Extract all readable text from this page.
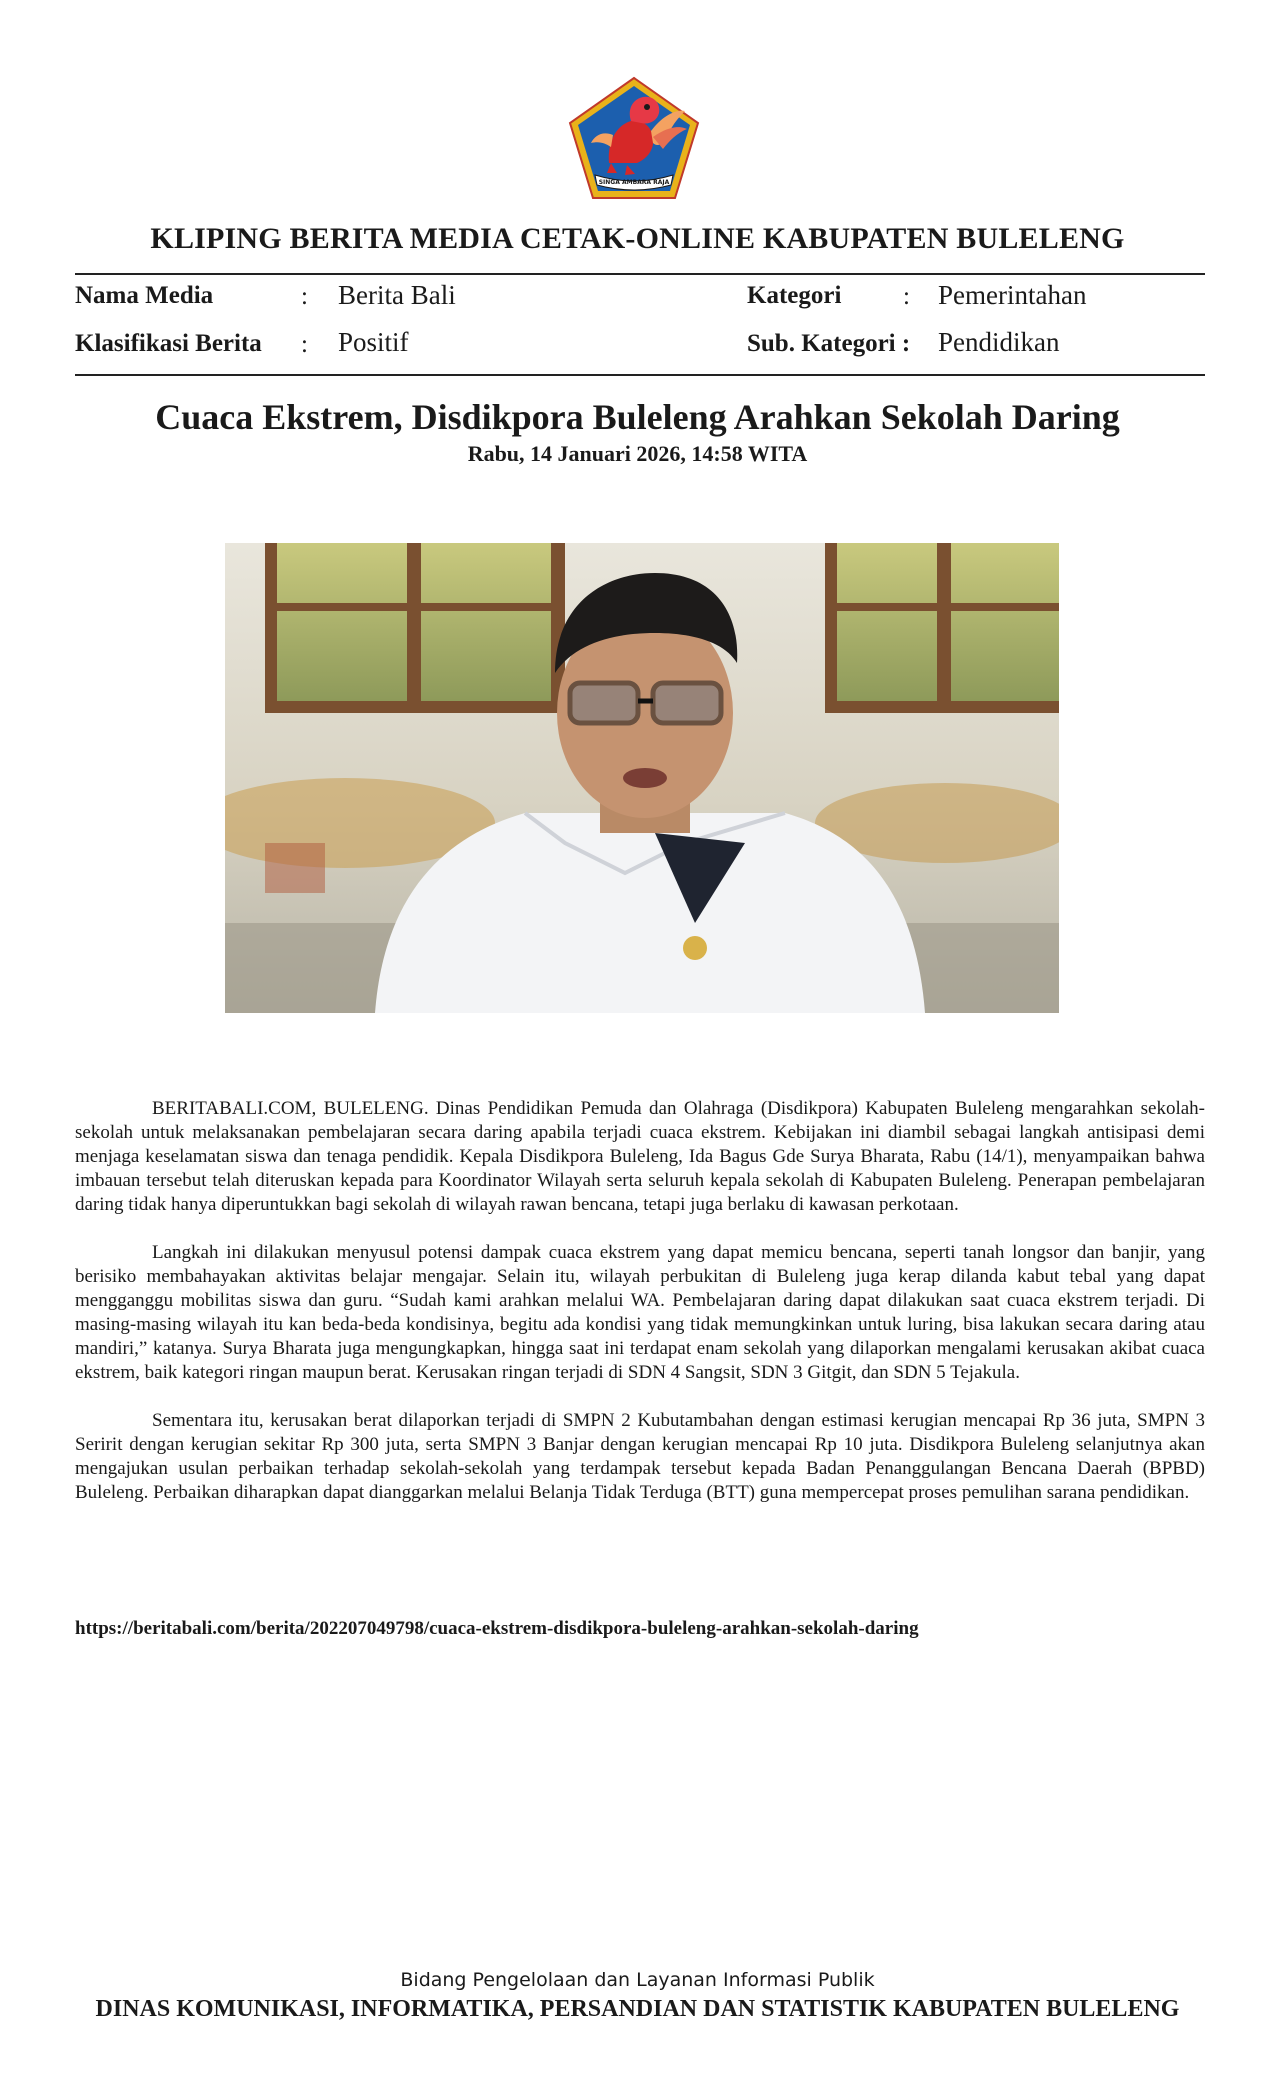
SINGA AMBARA RAJA
KLIPING BERITA MEDIA CETAK-ONLINE KABUPATEN BULELENG
Nama Media	: Berita Bali	Kategori : Pemerintahan
Klasifikasi Berita : Positif	Sub. Kategori : Pendidikan
Cuaca Ekstrem, Disdikpora Buleleng Arahkan Sekolah Daring
Rabu, 14 Januari 2026, 14:58 WITA

BERITABALI.COM, BULELENG. Dinas Pendidikan Pemuda dan Olahraga (Disdikpora) Kabupaten Buleleng mengarahkan sekolah-sekolah untuk melaksanakan pembelajaran secara daring apabila terjadi cuaca ekstrem. Kebijakan ini diambil sebagai langkah antisipasi demi menjaga keselamatan siswa dan tenaga pendidik. Kepala Disdikpora Buleleng, Ida Bagus Gde Surya Bharata, Rabu (14/1), menyampaikan bahwa imbauan tersebut telah diteruskan kepada para Koordinator Wilayah serta seluruh kepala sekolah di Kabupaten Buleleng. Penerapan pembelajaran daring tidak hanya diperuntukkan bagi sekolah di wilayah rawan bencana, tetapi juga berlaku di kawasan perkotaan.

Langkah ini dilakukan menyusul potensi dampak cuaca ekstrem yang dapat memicu bencana, seperti tanah longsor dan banjir, yang berisiko membahayakan aktivitas belajar mengajar. Selain itu, wilayah perbukitan di Buleleng juga kerap dilanda kabut tebal yang dapat mengganggu mobilitas siswa dan guru. “Sudah kami arahkan melalui WA. Pembelajaran daring dapat dilakukan saat cuaca ekstrem terjadi. Di masing-masing wilayah itu kan beda-beda kondisinya, begitu ada kondisi yang tidak memungkinkan untuk luring, bisa lakukan secara daring atau mandiri,” katanya. Surya Bharata juga mengungkapkan, hingga saat ini terdapat enam sekolah yang dilaporkan mengalami kerusakan akibat cuaca ekstrem, baik kategori ringan maupun berat. Kerusakan ringan terjadi di SDN 4 Sangsit, SDN 3 Gitgit, dan SDN 5 Tejakula.

Sementara itu, kerusakan berat dilaporkan terjadi di SMPN 2 Kubutambahan dengan estimasi kerugian mencapai Rp 36 juta, SMPN 3 Seririt dengan kerugian sekitar Rp 300 juta, serta SMPN 3 Banjar dengan kerugian mencapai Rp 10 juta. Disdikpora Buleleng selanjutnya akan mengajukan usulan perbaikan terhadap sekolah-sekolah yang terdampak tersebut kepada Badan Penanggulangan Bencana Daerah (BPBD) Buleleng. Perbaikan diharapkan dapat dianggarkan melalui Belanja Tidak Terduga (BTT) guna mempercepat proses pemulihan sarana pendidikan.

https://beritabali.com/berita/202207049798/cuaca-ekstrem-disdikpora-buleleng-arahkan-sekolah-daring
Bidang Pengelolaan dan Layanan Informasi Publik
DINAS KOMUNIKASI, INFORMATIKA, PERSANDIAN DAN STATISTIK KABUPATEN BULELENG
